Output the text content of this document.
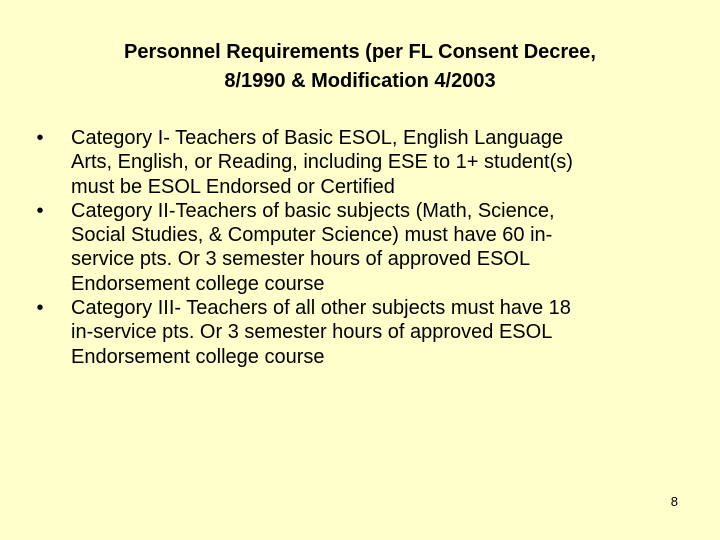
Personnel Requirements (per FL Consent Decree,
8/1990 & Modification 4/2003
•	Category I- Teachers of Basic ESOL, English Language
Arts, English, or Reading, including ESE to 1+ student(s)
must be ESOL Endorsed or Certified
•	Category II-Teachers of basic subjects (Math, Science,
Social Studies, & Computer Science) must have 60 in-
service pts. Or 3 semester hours of approved ESOL
Endorsement college course
•	Category III- Teachers of all other subjects must have 18
in-service pts. Or 3 semester hours of approved ESOL
Endorsement college course
8
